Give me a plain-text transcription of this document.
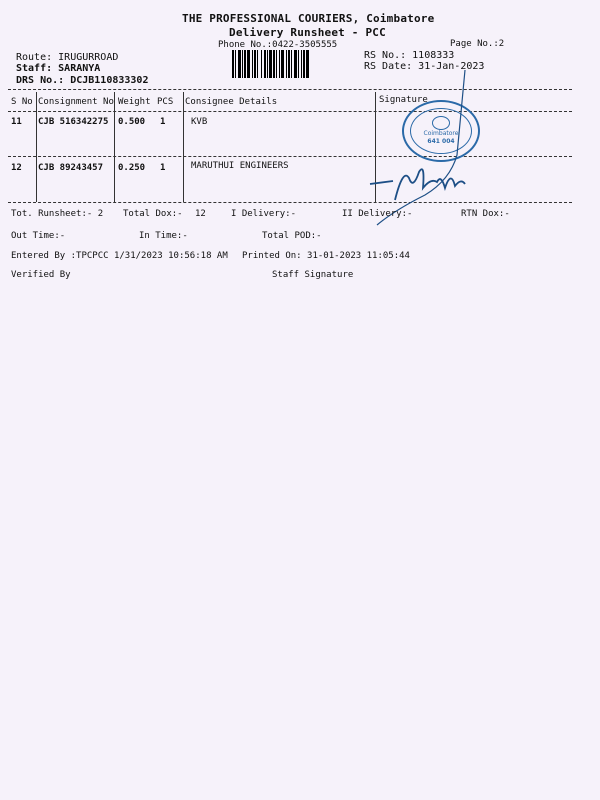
THE PROFESSIONAL COURIERS, Coimbatore
Delivery Runsheet - PCC
Phone No.:0422-3505555	Page No.:2
Route: IRUGURROAD
Staff: SARANYA
DRS No.: DCJB110833302
RS No.: 1108333
RS Date: 31-Jan-2023
S No Consignment No Weight PCS Consignee Details	Signature
11 CJB 516342275 0.500 1	KVB
12 CJB 89243457 0.250 1	MARUTHUI ENGINEERS
Coimbatore
641 004
Tot. Runsheet:- 2 Total Dox:- 12	I Delivery:-	II Delivery:-	RTN Dox:-
Out Time:-	In Time:-	Total POD:-
Entered By :TPCPCC 1/31/2023 10:56:18 AM Printed On: 31-01-2023 11:05:44
Verified By	Staff Signature
